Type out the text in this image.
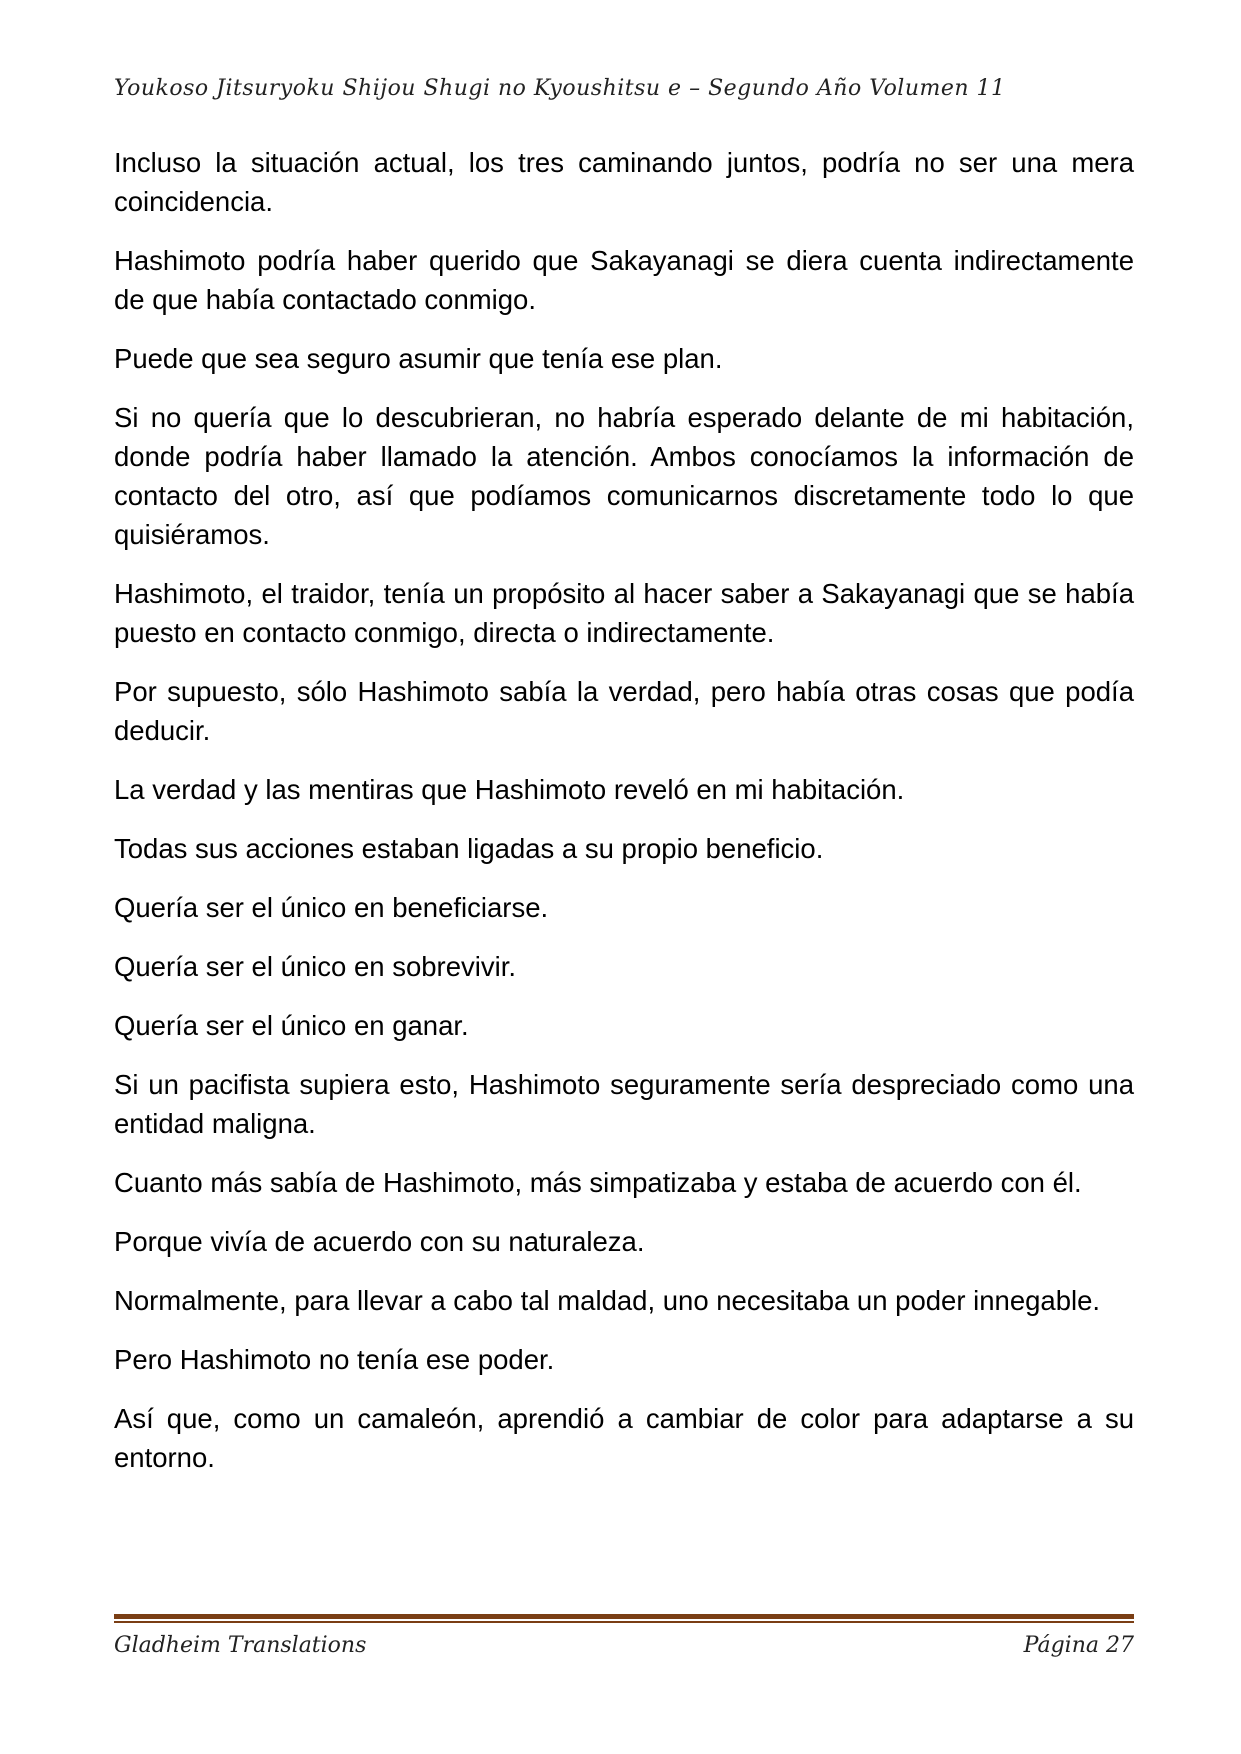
Youkoso Jitsuryoku Shijou Shugi no Kyoushitsu e – Segundo Año Volumen 11

Incluso la situación actual, los tres caminando juntos, podría no ser una mera coincidencia.

Hashimoto podría haber querido que Sakayanagi se diera cuenta indirectamente de que había contactado conmigo.

Puede que sea seguro asumir que tenía ese plan.

Si no quería que lo descubrieran, no habría esperado delante de mi habitación, donde podría haber llamado la atención. Ambos conocíamos la información de contacto del otro, así que podíamos comunicarnos discretamente todo lo que quisiéramos.

Hashimoto, el traidor, tenía un propósito al hacer saber a Sakayanagi que se había puesto en contacto conmigo, directa o indirectamente.

Por supuesto, sólo Hashimoto sabía la verdad, pero había otras cosas que podía deducir.

La verdad y las mentiras que Hashimoto reveló en mi habitación.

Todas sus acciones estaban ligadas a su propio beneficio.

Quería ser el único en beneficiarse.

Quería ser el único en sobrevivir.

Quería ser el único en ganar.

Si un pacifista supiera esto, Hashimoto seguramente sería despreciado como una entidad maligna.

Cuanto más sabía de Hashimoto, más simpatizaba y estaba de acuerdo con él.

Porque vivía de acuerdo con su naturaleza.

Normalmente, para llevar a cabo tal maldad, uno necesitaba un poder innegable.

Pero Hashimoto no tenía ese poder.

Así que, como un camaleón, aprendió a cambiar de color para adaptarse a su entorno.

Gladheim Translations	Página 27
